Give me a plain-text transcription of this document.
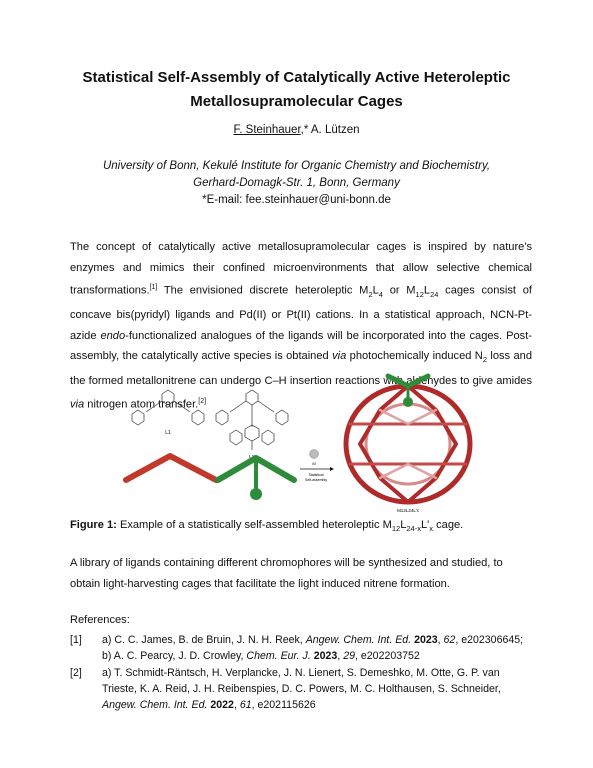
Statistical Self-Assembly of Catalytically Active Heteroleptic
Metallosupramolecular Cages
F. Steinhauer,* A. Lützen
University of Bonn, Kekulé Institute for Organic Chemistry and Biochemistry,
Gerhard-Domagk-Str. 1, Bonn, Germany
*E-mail: fee.steinhauer@uni-bonn.de
The concept of catalytically active metallosupramolecular cages is inspired by nature's enzymes and mimics their confined microenvironments that allow selective chemical transformations.[1] The envisioned discrete heteroleptic $M_2L_4$ or $M_{12}L_{24}$ cages consist of concave bis(pyridyl) ligands and Pd(II) or Pt(II) cations. In a statistical approach, NCN-Pt-azide endo-functionalized analogues of the ligands will be incorporated into the cages. Post-assembly, the catalytically active species is obtained via photochemically induced $N_2$ loss and the formed metallonitrene can undergo C–H insertion reactions with aldehydes to give amides via nitrogen atom transfer.[2]
L1
L1'
M
Statistical
Self-assembly
M12L24L'x
Figure 1: Example of a statistically self-assembled heteroleptic $M_{12}L_{24-x}L'_x$ cage.
A library of ligands containing different chromophores will be synthesized and studied, to obtain light-harvesting cages that facilitate the light induced nitrene formation.
References:
[1] a) C. C. James, B. de Bruin, J. N. H. Reek, Angew. Chem. Int. Ed. 2023, 62, e202306645; b) A. C. Pearcy, J. D. Crowley, Chem. Eur. J. 2023, 29, e202203752
[2] a) T. Schmidt-Räntsch, H. Verplancke, J. N. Lienert, S. Demeshko, M. Otte, G. P. van Trieste, K. A. Reid, J. H. Reibenspies, D. C. Powers, M. C. Holthausen, S. Schneider, Angew. Chem. Int. Ed. 2022, 61, e202115626
